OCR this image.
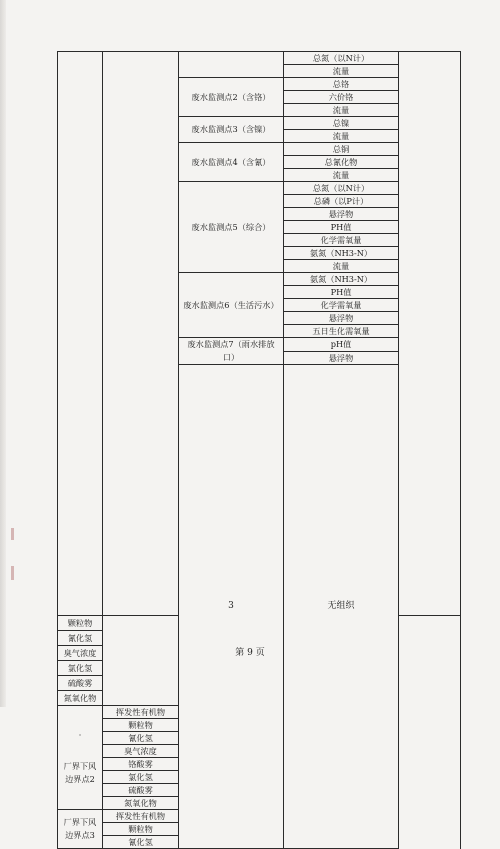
			总氮（以N计）		
			流量		
		废水监测点2（含铬）	总铬		
			六价铬		
			流量		
		废水监测点3（含镍）	总镍		
			流量		
		废水监测点4（含氰）	总铜		
			总氰化物		
			流量		
		废水监测点5（综合）	总氮（以N计）		
			总磷（以P计）		
			悬浮物		
			PH值		
			化学需氧量		
			氨氮（NH3-N）		
			流量		
		废水监测点6（生活污水）	氨氮（NH3-N）		
			PH值		
			化学需氧量		
			悬浮物		
			五日生化需氧量		
		废水监测点7（雨水排放口）	pH值		
			悬浮物		
		3	无组织			

颗粒物					
氰化氢					
臭气浓度					
氯化氢					
硫酸雾					
氮氧化物					

·
厂界下风边界点2	挥发性有机物				
	颗粒物				
	氰化氢				
	臭气浓度				
	铬酸雾				
	氯化氢				
	硫酸雾				
	氮氧化物				
厂界下风边界点3	挥发性有机物				
	颗粒物				
	氰化氢				
第 9 页
